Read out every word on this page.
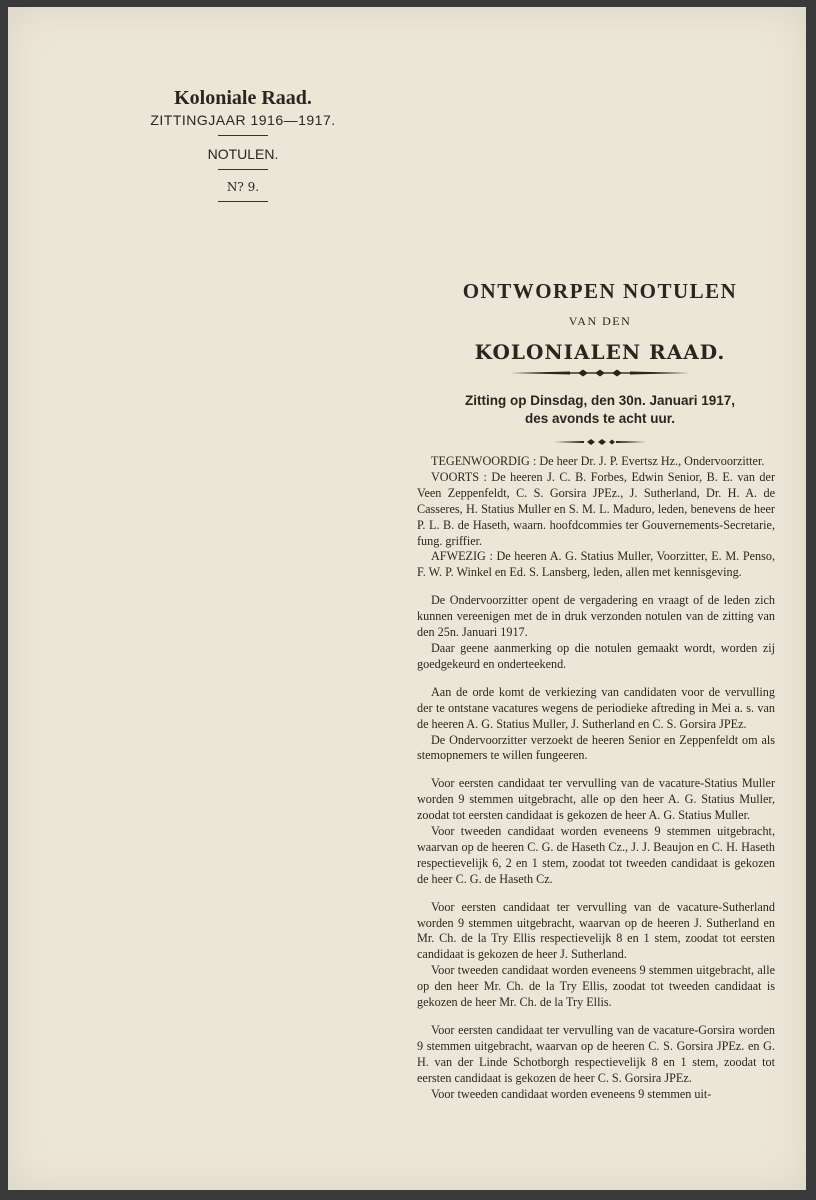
Koloniale Raad.
ZITTINGJAAR 1916—1917.
NOTULEN.
N? 9.
ONTWORPEN NOTULEN
VAN DEN
KOLONIALEN RAAD.
Zitting op Dinsdag, den 30n. Januari 1917,
des avonds te acht uur.

TEGENWOORDIG : De heer Dr. J. P. Evertsz Hz., Ondervoorzitter.

VOORTS : De heeren J. C. B. Forbes, Edwin Senior, B. E. van der Veen Zeppenfeldt, C. S. Gorsira JPEz., J. Sutherland, Dr. H. A. de Casseres, H. Statius Muller en S. M. L. Maduro, leden, benevens de heer P. L. B. de Haseth, waarn. hoofdcommies ter Gouvernements-Secretarie, fung. griffier.

AFWEZIG : De heeren A. G. Statius Muller, Voorzitter, E. M. Penso, F. W. P. Winkel en Ed. S. Lansberg, leden, allen met kennisgeving.

De Ondervoorzitter opent de vergadering en vraagt of de leden zich kunnen vereenigen met de in druk verzonden notulen van de zitting van den 25n. Januari 1917.

Daar geene aanmerking op die notulen gemaakt wordt, worden zij goedgekeurd en onderteekend.

Aan de orde komt de verkiezing van candidaten voor de vervulling der te ontstane vacatures wegens de periodieke aftreding in Mei a. s. van de heeren A. G. Statius Muller, J. Sutherland en C. S. Gorsira JPEz.

De Ondervoorzitter verzoekt de heeren Senior en Zeppenfeldt om als stemopnemers te willen fungeeren.

Voor eersten candidaat ter vervulling van de vacature-Statius Muller worden 9 stemmen uitgebracht, alle op den heer A. G. Statius Muller, zoodat tot eersten candidaat is gekozen de heer A. G. Statius Muller.

Voor tweeden candidaat worden eveneens 9 stemmen uitgebracht, waarvan op de heeren C. G. de Haseth Cz., J. J. Beaujon en C. H. Haseth respectievelijk 6, 2 en 1 stem, zoodat tot tweeden candidaat is gekozen de heer C. G. de Haseth Cz.

Voor eersten candidaat ter vervulling van de vacature-Sutherland worden 9 stemmen uitgebracht, waarvan op de heeren J. Sutherland en Mr. Ch. de la Try Ellis respectievelijk 8 en 1 stem, zoodat tot eersten candidaat is gekozen de heer J. Sutherland.

Voor tweeden candidaat worden eveneens 9 stemmen uitgebracht, alle op den heer Mr. Ch. de la Try Ellis, zoodat tot tweeden candidaat is gekozen de heer Mr. Ch. de la Try Ellis.

Voor eersten candidaat ter vervulling van de vacature-Gorsira worden 9 stemmen uitgebracht, waarvan op de heeren C. S. Gorsira JPEz. en G. H. van der Linde Schotborgh respectievelijk 8 en 1 stem, zoodat tot eersten candidaat is gekozen de heer C. S. Gorsira JPEz.

Voor tweeden candidaat worden eveneens 9 stemmen uit-
